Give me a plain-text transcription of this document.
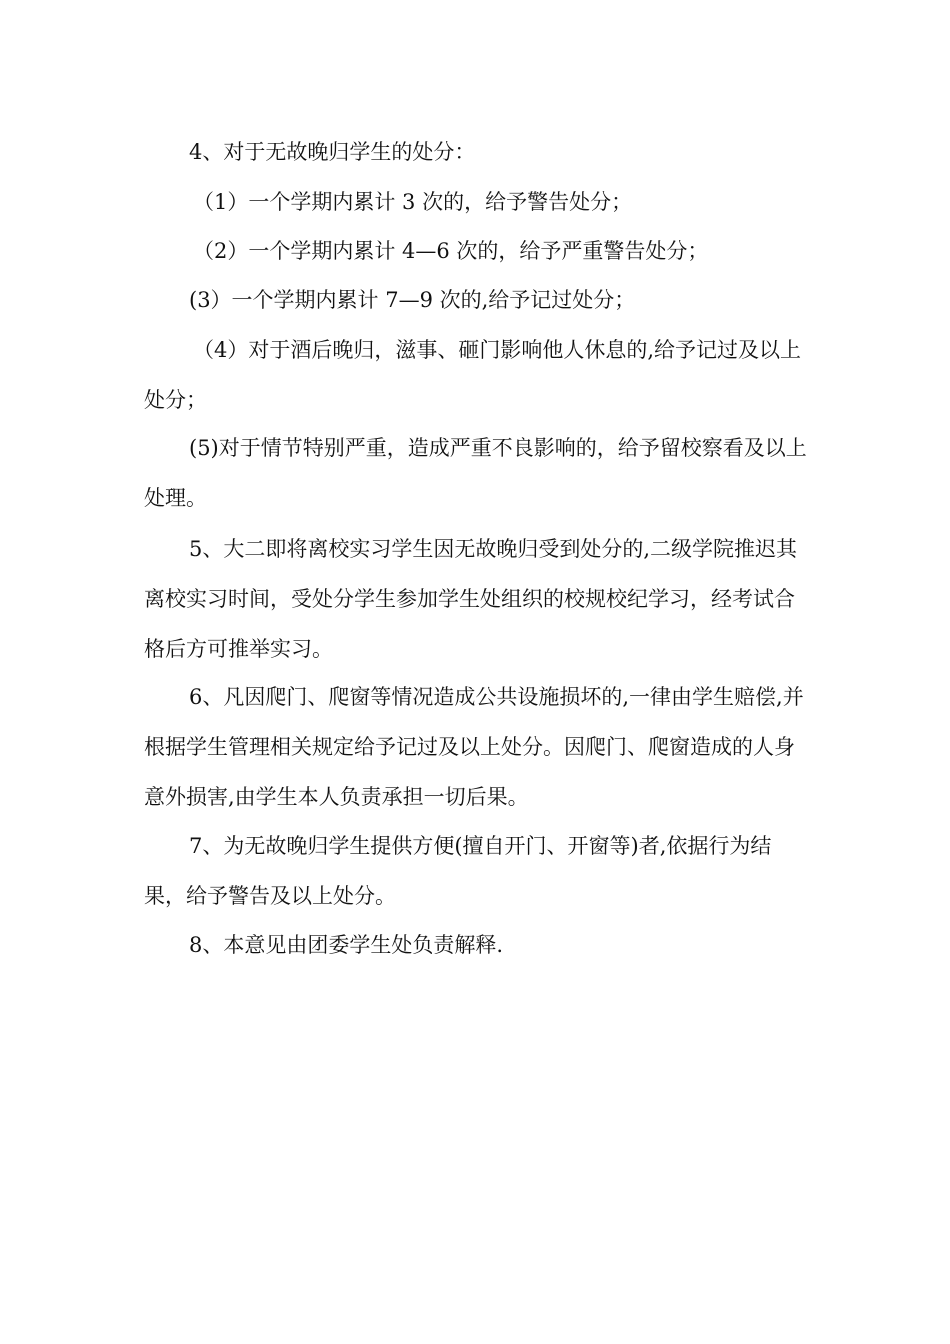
4、对于无故晚归学生的处分：

（1）一个学期内累计 3 次的，给予警告处分；

（2）一个学期内累计 4—6 次的，给予严重警告处分；

(3）一个学期内累计 7—9 次的,给予记过处分；

（4）对于酒后晚归，滋事、砸门影响他人休息的,给予记过及以上处分；

(5)对于情节特别严重，造成严重不良影响的，给予留校察看及以上处理。

5、大二即将离校实习学生因无故晚归受到处分的,二级学院推迟其离校实习时间，受处分学生参加学生处组织的校规校纪学习，经考试合格后方可推举实习。

6、凡因爬门、爬窗等情况造成公共设施损坏的,一律由学生赔偿,并根据学生管理相关规定给予记过及以上处分。因爬门、爬窗造成的人身意外损害,由学生本人负责承担一切后果。

7、为无故晚归学生提供方便(擅自开门、开窗等)者,依据行为结果，给予警告及以上处分。

8、本意见由团委学生处负责解释.
